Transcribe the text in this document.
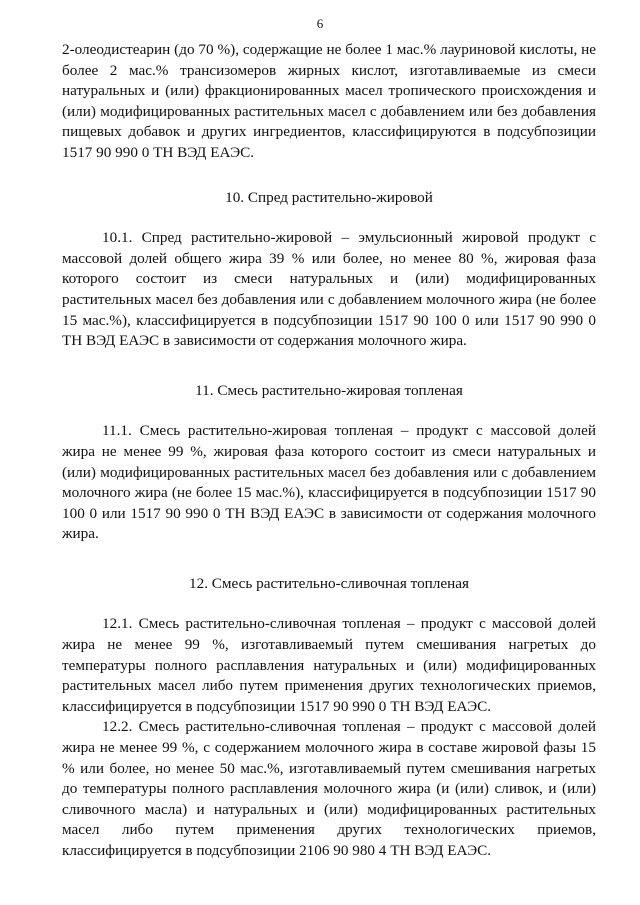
6

2-олеодистеарин (до 70 %), содержащие не более 1 мас.% лауриновой кислоты, не более 2 мас.% трансизомеров жирных кислот, изготавливаемые из смеси натуральных и (или) фракционированных масел тропического происхождения и (или) модифицированных растительных масел с добавлением или без добавления пищевых добавок и других ингредиентов, классифицируются в подсубпозиции 1517 90 990 0 ТН ВЭД ЕАЭС.

10. Спред растительно-жировой

10.1. Спред растительно-жировой – эмульсионный жировой продукт с массовой долей общего жира 39 % или более, но менее 80 %, жировая фаза которого состоит из смеси натуральных и (или) модифицированных растительных масел без добавления или с добавлением молочного жира (не более 15 мас.%), классифицируется в подсубпозиции 1517 90 100 0 или 1517 90 990 0 ТН ВЭД ЕАЭС в зависимости от содержания молочного жира.

11. Смесь растительно-жировая топленая

11.1. Смесь растительно-жировая топленая – продукт с массовой долей жира не менее 99 %, жировая фаза которого состоит из смеси натуральных и (или) модифицированных растительных масел без добавления или с добавлением молочного жира (не более 15 мас.%), классифицируется в подсубпозиции 1517 90 100 0 или 1517 90 990 0 ТН ВЭД ЕАЭС в зависимости от содержания молочного жира.

12. Смесь растительно-сливочная топленая

12.1. Смесь растительно-сливочная топленая – продукт с массовой долей жира не менее 99 %, изготавливаемый путем смешивания нагретых до температуры полного расплавления натуральных и (или) модифицированных растительных масел либо путем применения других технологических приемов, классифицируется в подсубпозиции 1517 90 990 0 ТН ВЭД ЕАЭС.

12.2. Смесь растительно-сливочная топленая – продукт с массовой долей жира не менее 99 %, с содержанием молочного жира в составе жировой фазы 15 % или более, но менее 50 мас.%, изготавливаемый путем смешивания нагретых до температуры полного расплавления молочного жира (и (или) сливок, и (или) сливочного масла) и натуральных и (или) модифицированных растительных масел либо путем применения других технологических приемов, классифицируется в подсубпозиции 2106 90 980 4 ТН ВЭД ЕАЭС.
